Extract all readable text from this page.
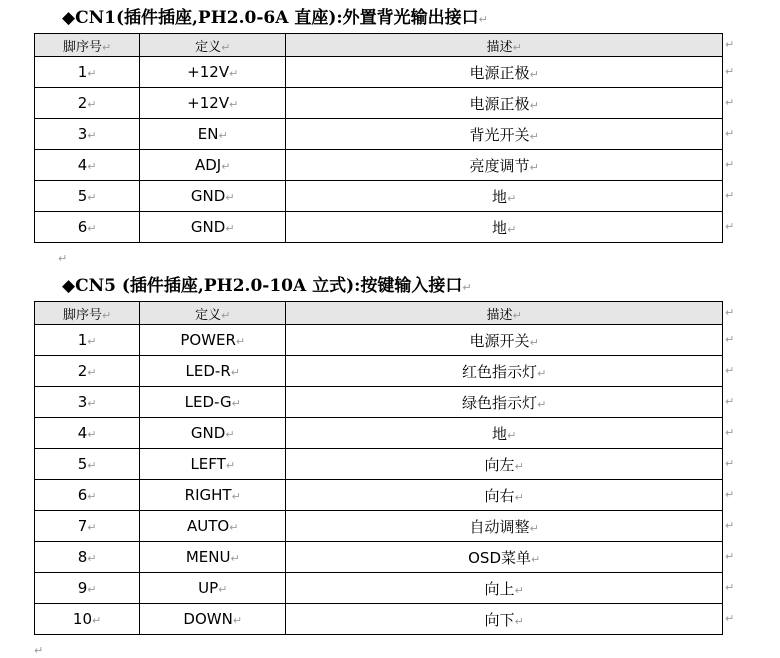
◆CN1(插件插座,PH2.0-6A 直座):外置背光输出接口↵
脚序号↵	定义↵	描述↵
1↵	+12V↵	电源正极↵
2↵	+12V↵	电源正极↵
3↵	EN↵	背光开关↵
4↵	ADJ↵	亮度调节↵
5↵	GND↵	地↵
6↵	GND↵	地↵
↵
◆CN5 (插件插座,PH2.0-10A 立式):按键输入接口↵
脚序号↵	定义↵	描述↵
1↵	POWER↵	电源开关↵
2↵	LED-R↵	红色指示灯↵
3↵	LED-G↵	绿色指示灯↵
4↵	GND↵	地↵
5↵	LEFT↵	向左↵
6↵	RIGHT↵	向右↵
7↵	AUTO↵	自动调整↵
8↵	MENU↵	OSD菜单↵
9↵	UP↵	向上↵
10↵	DOWN↵	向下↵
↵
↵
↵
↵
↵
↵
↵
↵
↵
↵
↵
↵
↵
↵
↵
↵
↵
↵
↵
